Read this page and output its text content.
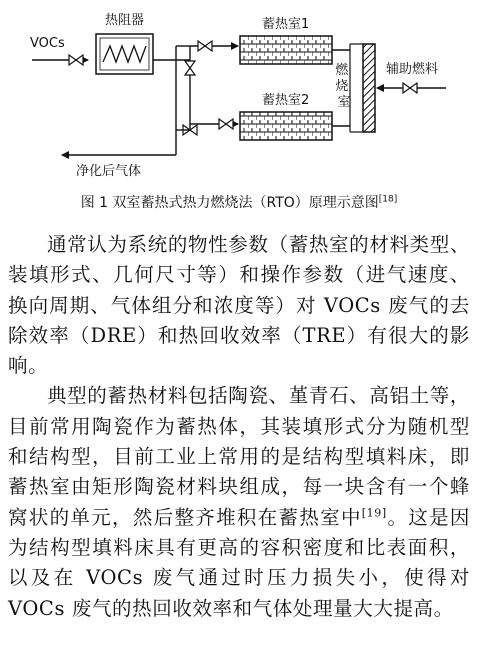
VOCs
热阻器	蓄热室1
蓄热室2
燃 烧 室
辅助燃料
净化后气体
图 1 双室蓄热式热力燃烧法（RTO）原理示意图[18]

通常认为系统的物性参数（蓄热室的材料类型、装填形式、几何尺寸等）和操作参数（进气速度、换向周期、气体组分和浓度等）对 VOCs 废气的去除效率（DRE）和热回收效率（TRE）有很大的影响。

典型的蓄热材料包括陶瓷、堇青石、高铝土等，目前常用陶瓷作为蓄热体，其装填形式分为随机型和结构型，目前工业上常用的是结构型填料床，即蓄热室由矩形陶瓷材料块组成，每一块含有一个蜂窝状的单元，然后整齐堆积在蓄热室中[19]。这是因为结构型填料床具有更高的容积密度和比表面积，以及在 VOCs 废气通过时压力损失小，使得对 VOCs 废气的热回收效率和气体处理量大大提高。
